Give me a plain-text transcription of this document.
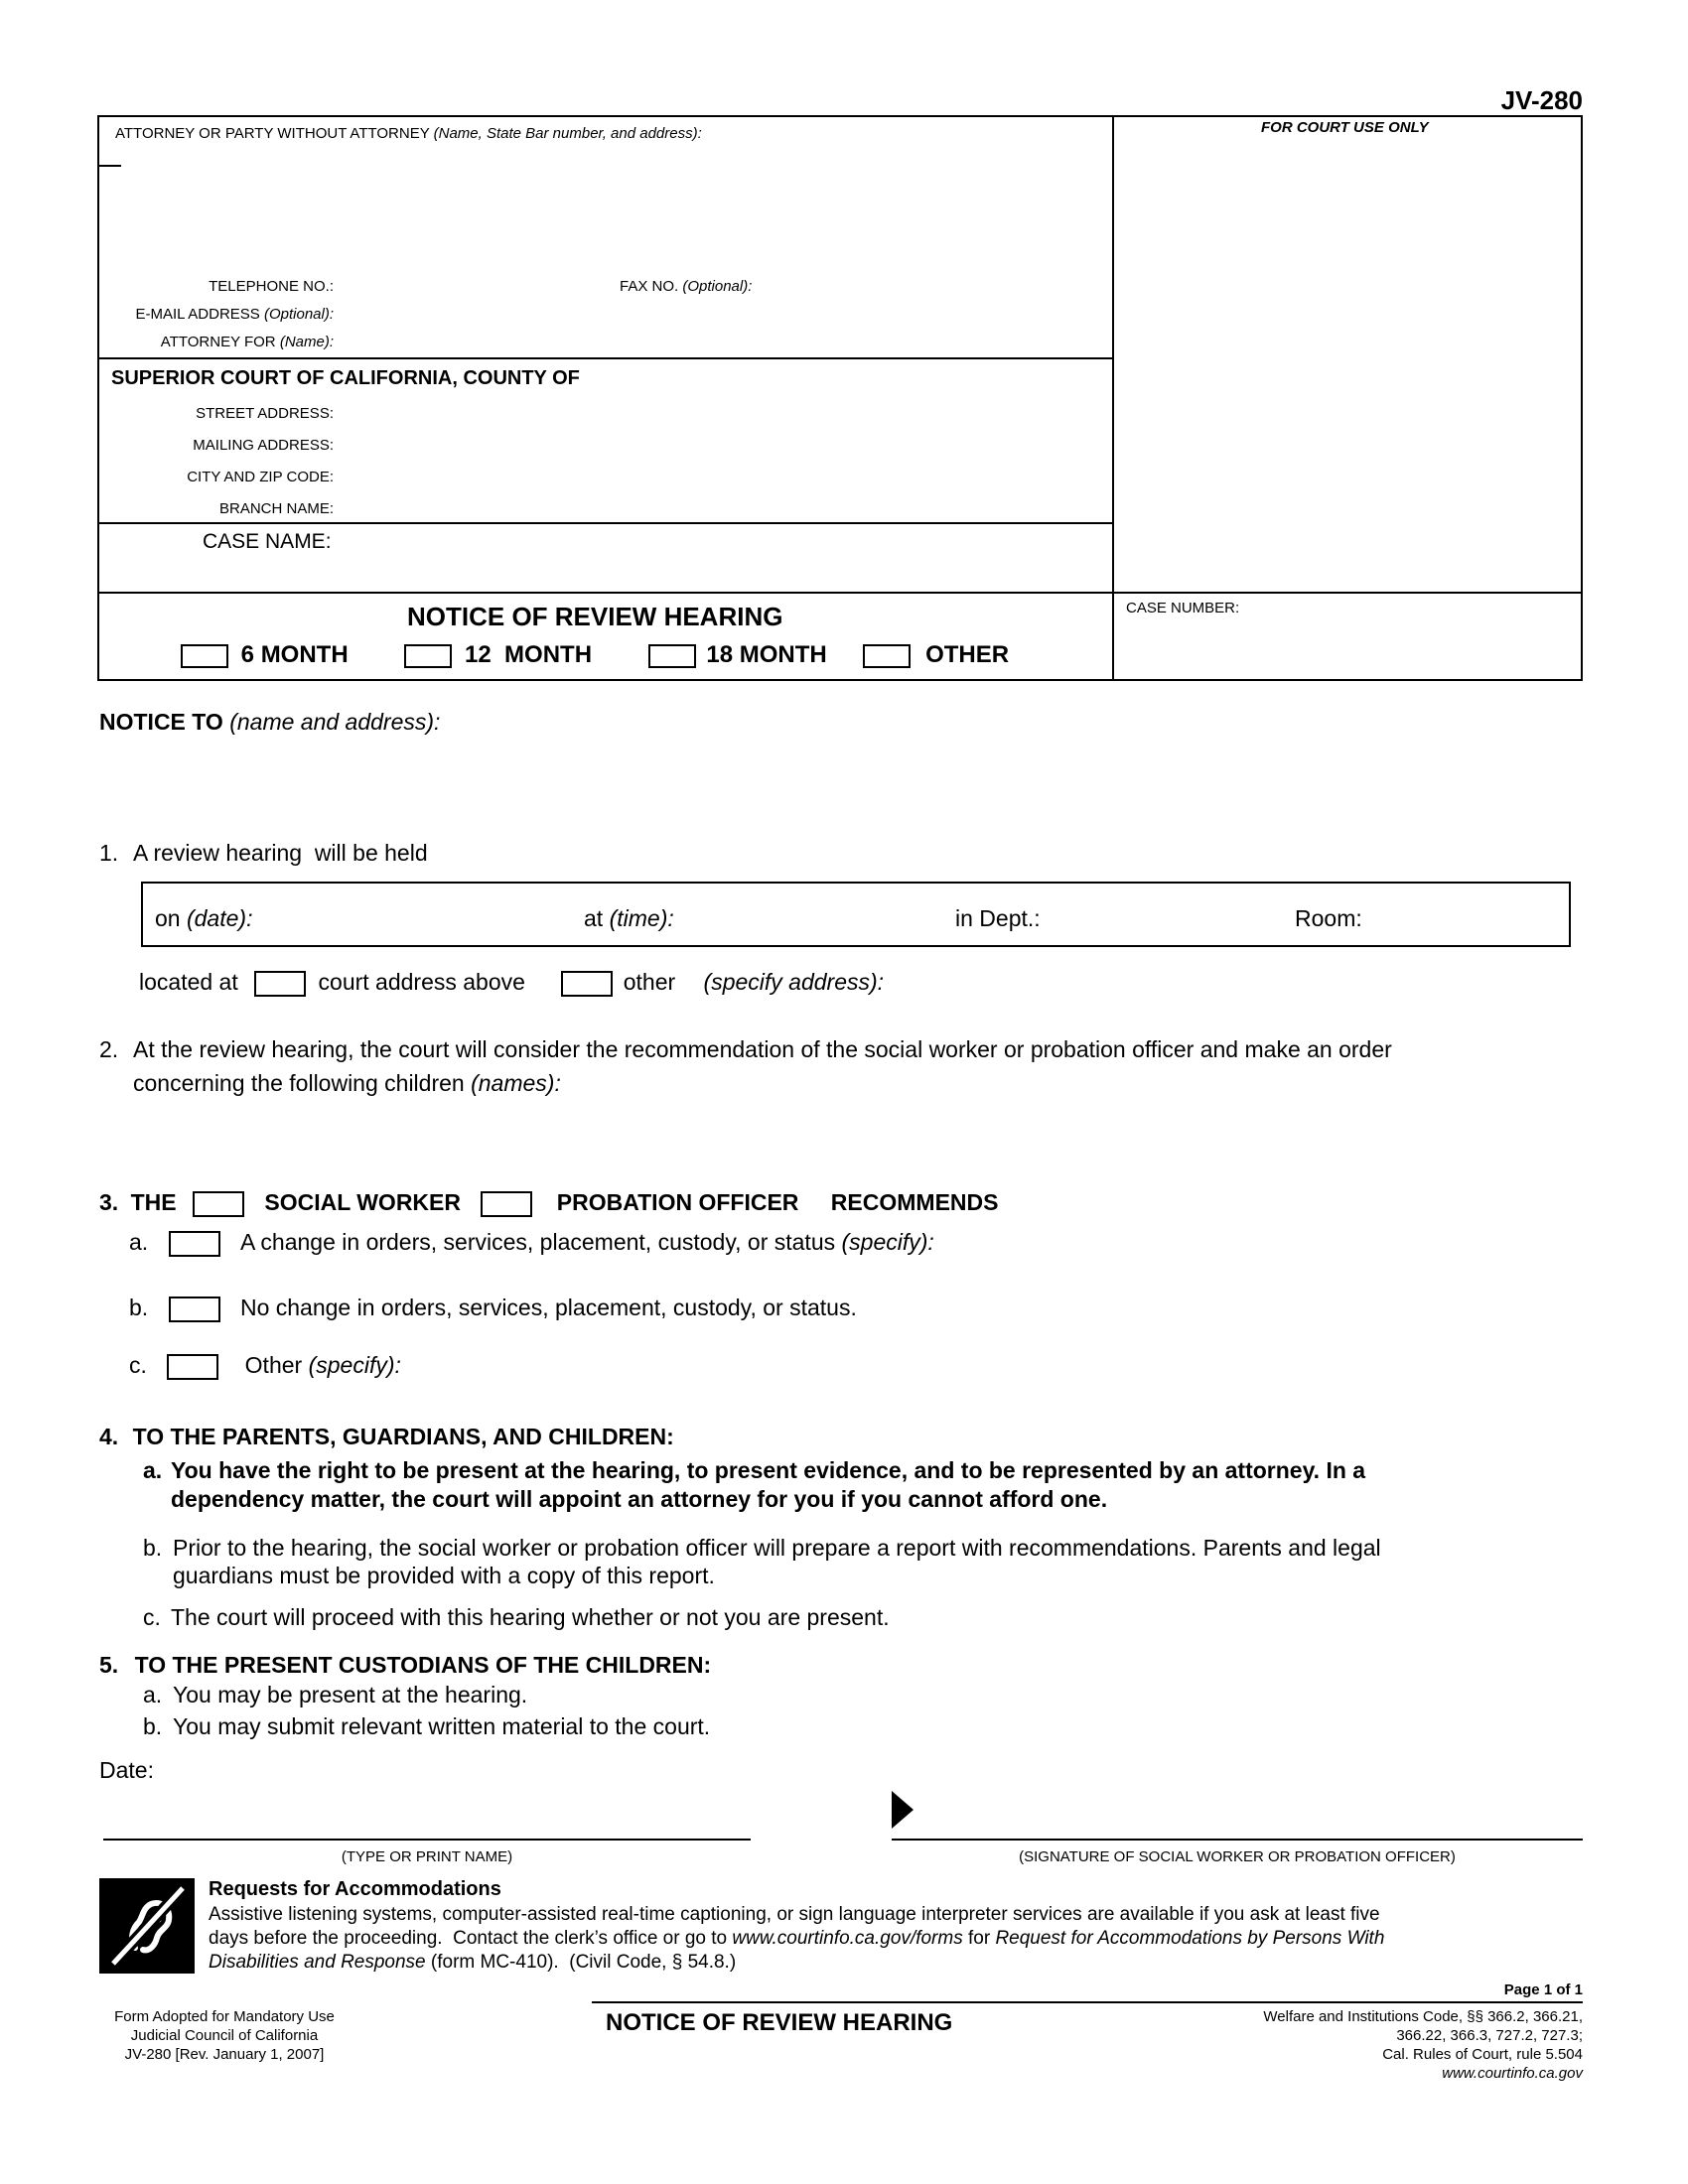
JV-280
ATTORNEY OR PARTY WITHOUT ATTORNEY (Name, State Bar number, and address):
TELEPHONE NO.:	FAX NO. (Optional):
E-MAIL ADDRESS (Optional):
ATTORNEY FOR (Name):
FOR COURT USE ONLY
SUPERIOR COURT OF CALIFORNIA, COUNTY OF
STREET ADDRESS:
MAILING ADDRESS:
CITY AND ZIP CODE:
BRANCH NAME:
CASE NAME:
CASE NUMBER:
NOTICE OF REVIEW HEARING
6 MONTH	12  MONTH	18 MONTH	OTHER
NOTICE TO (name and address):
1. A review hearing  will be held
on (date):	at (time):	in Dept.:	Room:
located at	court address above	other (specify address):
2. At the review hearing, the court will consider the recommendation of the social worker or probation officer and make an order
concerning the following children (names):
3. THE	SOCIAL WORKER	PROBATION OFFICER RECOMMENDS
a.	A change in orders, services, placement, custody, or status (specify):
b.	No change in orders, services, placement, custody, or status.
c.	Other (specify):
4. TO THE PARENTS, GUARDIANS, AND CHILDREN:
a. You have the right to be present at the hearing, to present evidence, and to be represented by an attorney. In a
dependency matter, the court will appoint an attorney for you if you cannot afford one.
b. Prior to the hearing, the social worker or probation officer will prepare a report with recommendations. Parents and legal
guardians must be provided with a copy of this report.
c. The court will proceed with this hearing whether or not you are present.
5. TO THE PRESENT CUSTODIANS OF THE CHILDREN:
a. You may be present at the hearing.
b. You may submit relevant written material to the court.
Date:
(TYPE OR PRINT NAME)	(SIGNATURE OF SOCIAL WORKER OR PROBATION OFFICER)
Requests for Accommodations
Assistive listening systems, computer-assisted real-time captioning, or sign language interpreter services are available if you ask at least five
days before the proceeding.  Contact the clerk’s office or go to www.courtinfo.ca.gov/forms for Request for Accommodations by Persons With
Disabilities and Response (form MC-410).  (Civil Code, § 54.8.)
Page 1 of 1
Form Adopted for Mandatory Use
Judicial Council of California
JV-280 [Rev. January 1, 2007]
NOTICE OF REVIEW HEARING	Welfare and Institutions Code, §§ 366.2, 366.21,
366.22, 366.3, 727.2, 727.3;
Cal. Rules of Court, rule 5.504
www.courtinfo.ca.gov
